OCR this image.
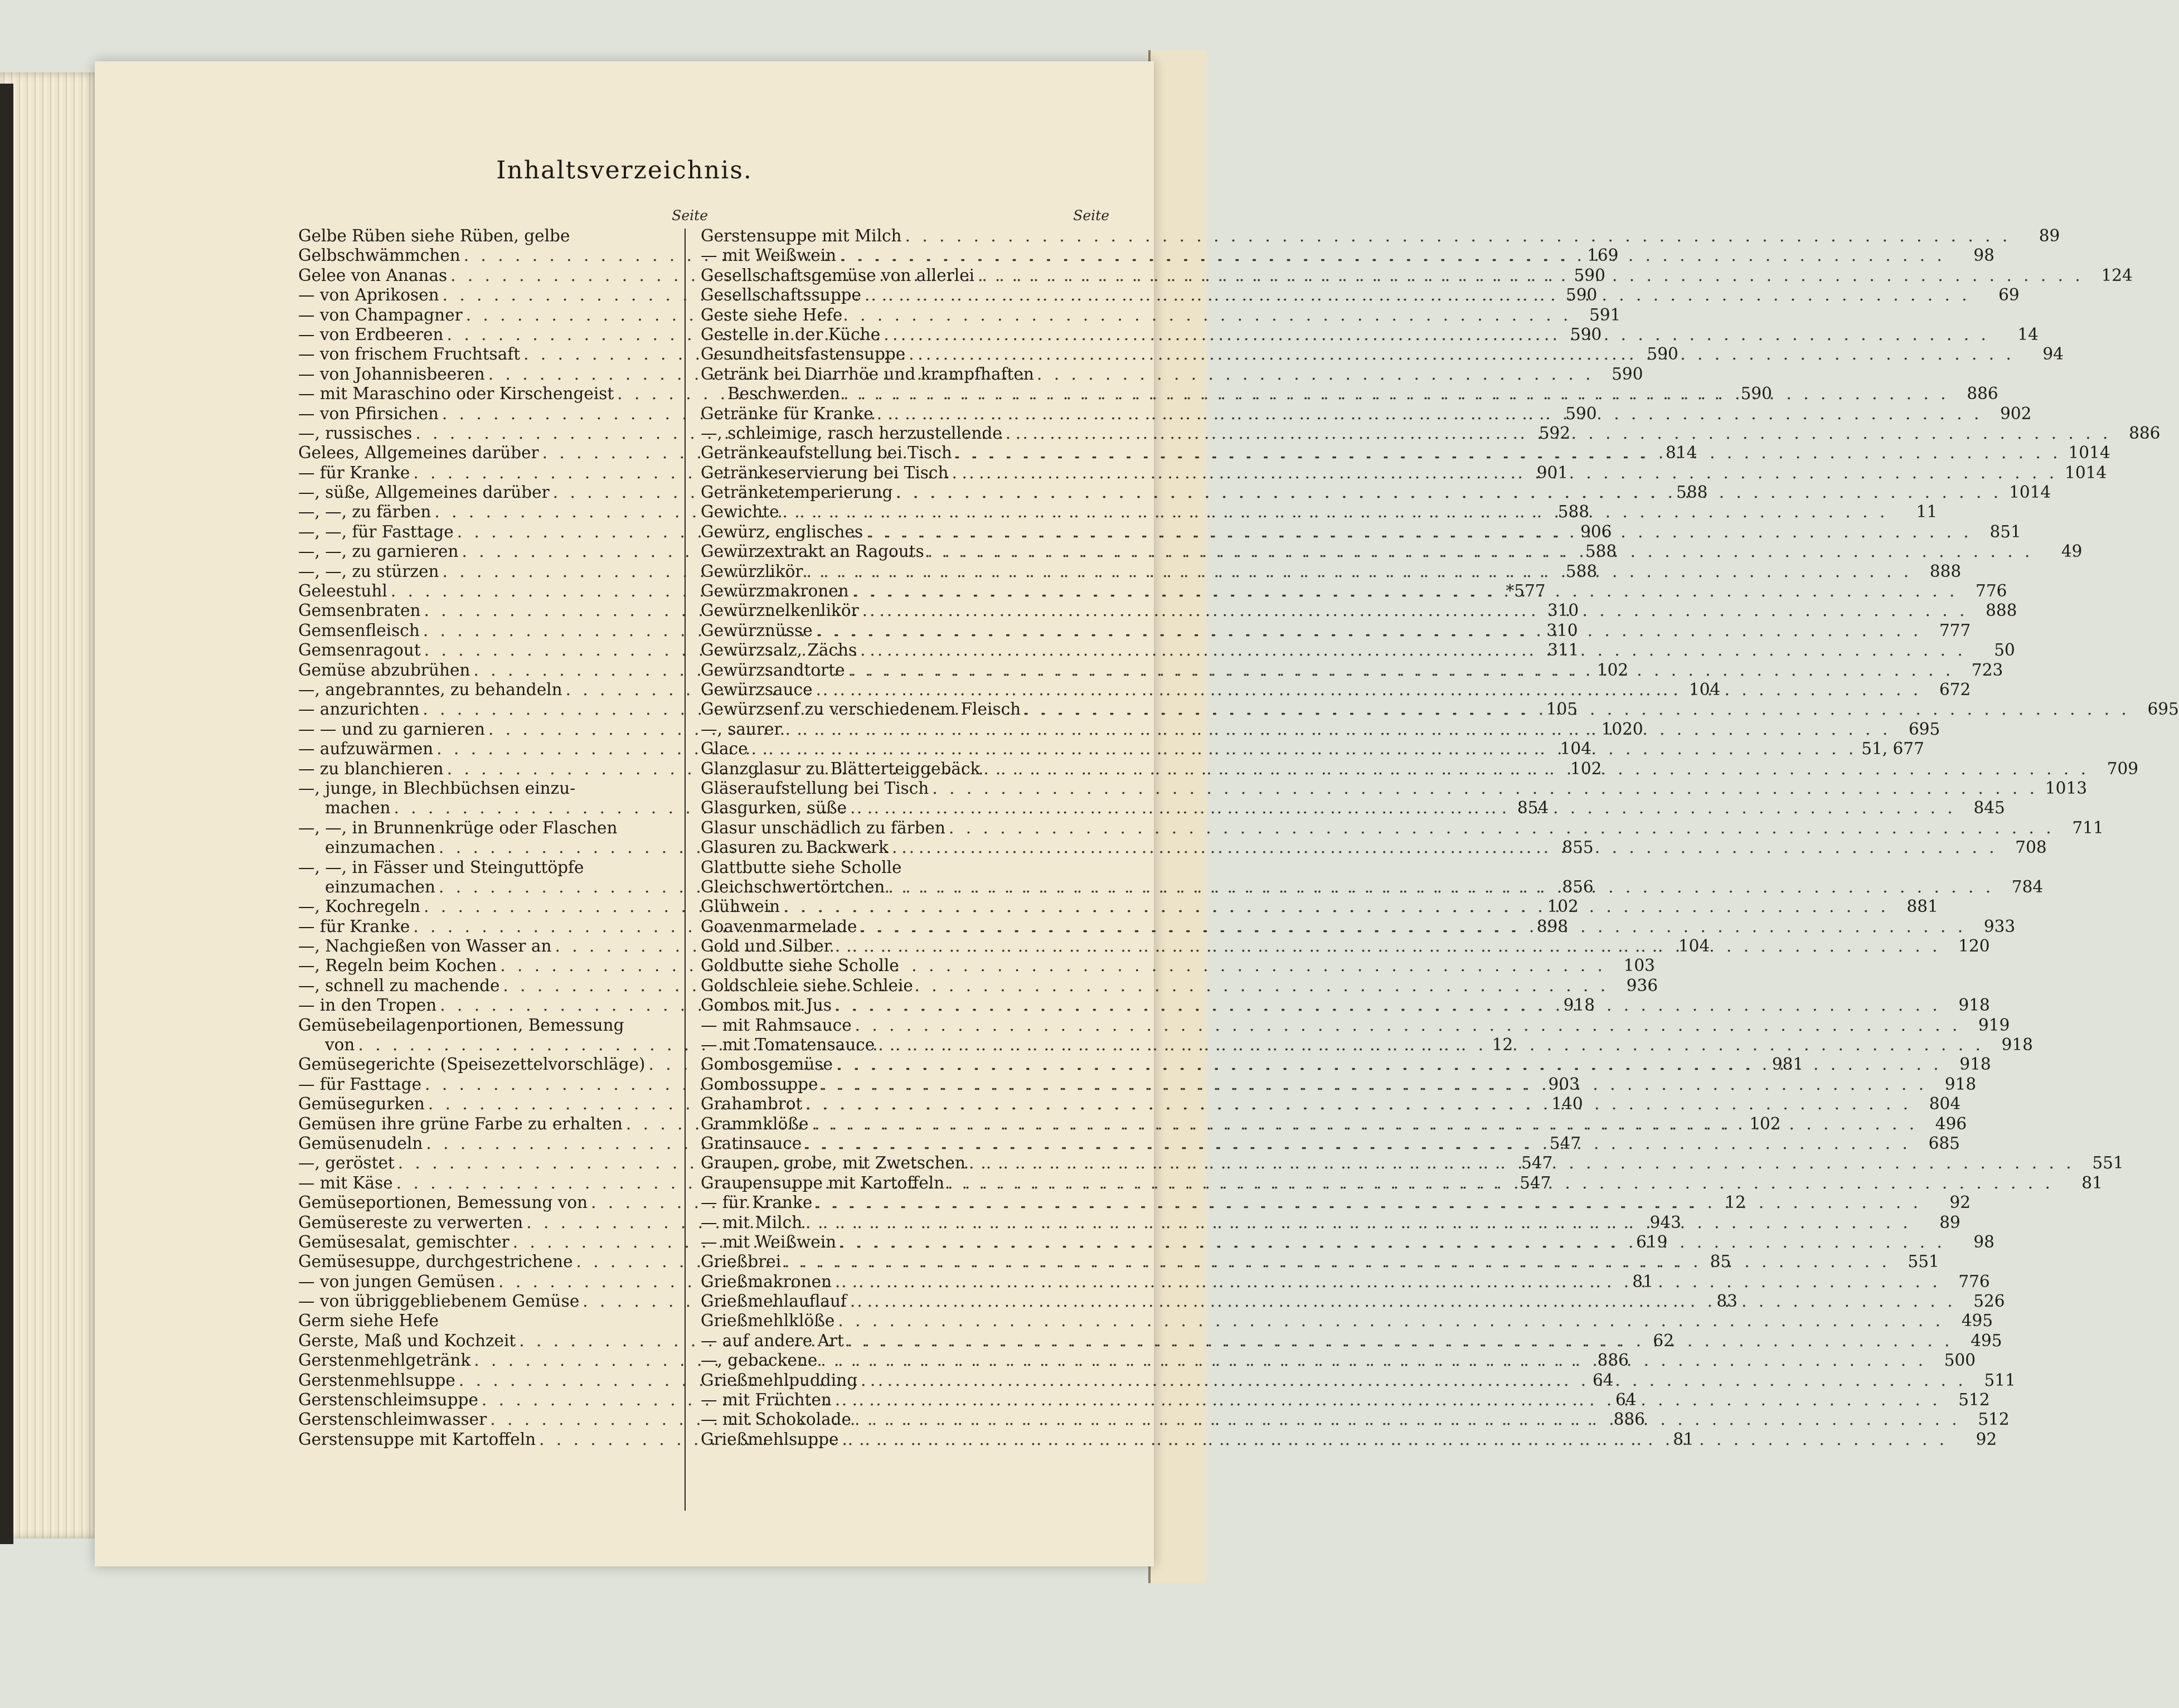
Inhaltsverzeichnis.
Seite	Seite
Gelbe Rüben siehe Rüben, gelbe
Gelbschwämmchen . . .	169
Gelee von Ananas . . .	590
— von Aprikosen . . .	590
— von Champagner . . .	591
— von Erdbeeren . . .	590
— von frischem Fruchtsaft . . .	590
— von Johannisbeeren . . .	590
— mit Maraschino oder Kirschengeist . . .	590
— von Pfirsichen . . .	590
—, russisches . . .	592
Gelees, Allgemeines darüber . . .	814
— für Kranke . . .	901
—, süße, Allgemeines darüber . . .	588
—, —, zu färben . . .	588
—, —, für Fasttage . . .	906
—, —, zu garnieren . . .	588
—, —, zu stürzen . . .	588
Geleestuhl . . .	*577
Gemsenbraten . . .	310
Gemsenfleisch . . .	310
Gemsenragout . . .	311
Gemüse abzubrühen . . .	102
—, angebranntes, zu behandeln . . .	104
— anzurichten . . .	105
— — und zu garnieren . . .	1020
— aufzuwärmen . . .	104
— zu blanchieren . . .	102
—, junge, in Blechbüchsen einzu-
machen . . .	854
—, —, in Brunnenkrüge oder Flaschen
einzumachen . . .	855
—, —, in Fässer und Steinguttöpfe
einzumachen . . .	856
—, Kochregeln . . .	102
— für Kranke . . .	898
—, Nachgießen von Wasser an . . .	104
—, Regeln beim Kochen . . .	103
—, schnell zu machende . . .	936
— in den Tropen . . .	918
Gemüsebeilagenportionen, Bemessung
von . . .	12
Gemüsegerichte (Speisezettelvorschläge) . . .	981
— für Fasttage . . .	903
Gemüsegurken . . .	140
Gemüsen ihre grüne Farbe zu erhalten . . .	102
Gemüsenudeln . . .	547
—, geröstet . . .	547
— mit Käse . . .	547
Gemüseportionen, Bemessung von . . .	12
Gemüsereste zu verwerten . . .	943
Gemüsesalat, gemischter . . .	619
Gemüsesuppe, durchgestrichene . . .	85
— von jungen Gemüsen . . .	81
— von übriggebliebenem Gemüse . . .	83
Germ siehe Hefe
Gerste, Maß und Kochzeit . . .	62
Gerstenmehlgetränk . . .	886
Gerstenmehlsuppe . . .	64
Gerstenschleimsuppe . . .	64
Gerstenschleimwasser . . .	886
Gerstensuppe mit Kartoffeln . . .	81
Gerstensuppe mit Milch . . .	89
— mit Weißwein . . .	98
Gesellschaftsgemüse von allerlei . . .	124
Gesellschaftssuppe . . .	69
Geste siehe Hefe
Gestelle in der Küche . . .	14
Gesundheitsfastensuppe . . .	94
Getränk bei Diarrhöe und krampfhaften
Beschwerden . . .	886
Getränke für Kranke . . .	902
—, schleimige, rasch herzustellende . . .	886
Getränkeaufstellung bei Tisch . . .	1014
Getränkeservierung bei Tisch . . .	1014
Getränketemperierung . . .	1014
Gewichte . . .	11
Gewürz, englisches . . .	851
Gewürzextrakt an Ragouts . . .	49
Gewürzlikör . . .	888
Gewürzmakronen . . .	776
Gewürznelkenlikör . . .	888
Gewürznüsse . . .	777
Gewürzsalz, Zächs . . .	50
Gewürzsandtorte . . .	723
Gewürzsauce . . .	672
Gewürzsenf zu verschiedenem Fleisch . . .	695
—, saurer . . .	695
Glace . . .	51, 677
Glanzglasur zu Blätterteiggebäck . . .	709
Gläseraufstellung bei Tisch . . .	1013
Glasgurken, süße . . .	845
Glasur unschädlich zu färben . . .	711
Glasuren zu Backwerk . . .	708
Glattbutte siehe Scholle
Gleichschwertörtchen . . .	784
Glühwein . . .	881
Goavenmarmelade . . .	933
Gold und Silber . . .	120
Goldbutte siehe Scholle
Goldschleie siehe Schleie
Gombos mit Jus . . .	918
— mit Rahmsauce . . .	919
— mit Tomatensauce . . .	918
Gombosgemüse . . .	918
Gombossuppe . . .	918
Grahambrot . . .	804
Grammklöße . . .	496
Gratinsauce . . .	685
Graupen, grobe, mit Zwetschen . . .	551
Graupensuppe mit Kartoffeln . . .	81
— für Kranke . . .	92
— mit Milch . . .	89
— mit Weißwein . . .	98
Grießbrei . . .	551
Grießmakronen . . .	776
Grießmehlauflauf . . .	526
Grießmehlklöße . . .	495
— auf andere Art . . .	495
—, gebackene . . .	500
Grießmehlpudding . . .	511
— mit Früchten . . .	512
— mit Schokolade . . .	512
Grießmehlsuppe . . .	92
